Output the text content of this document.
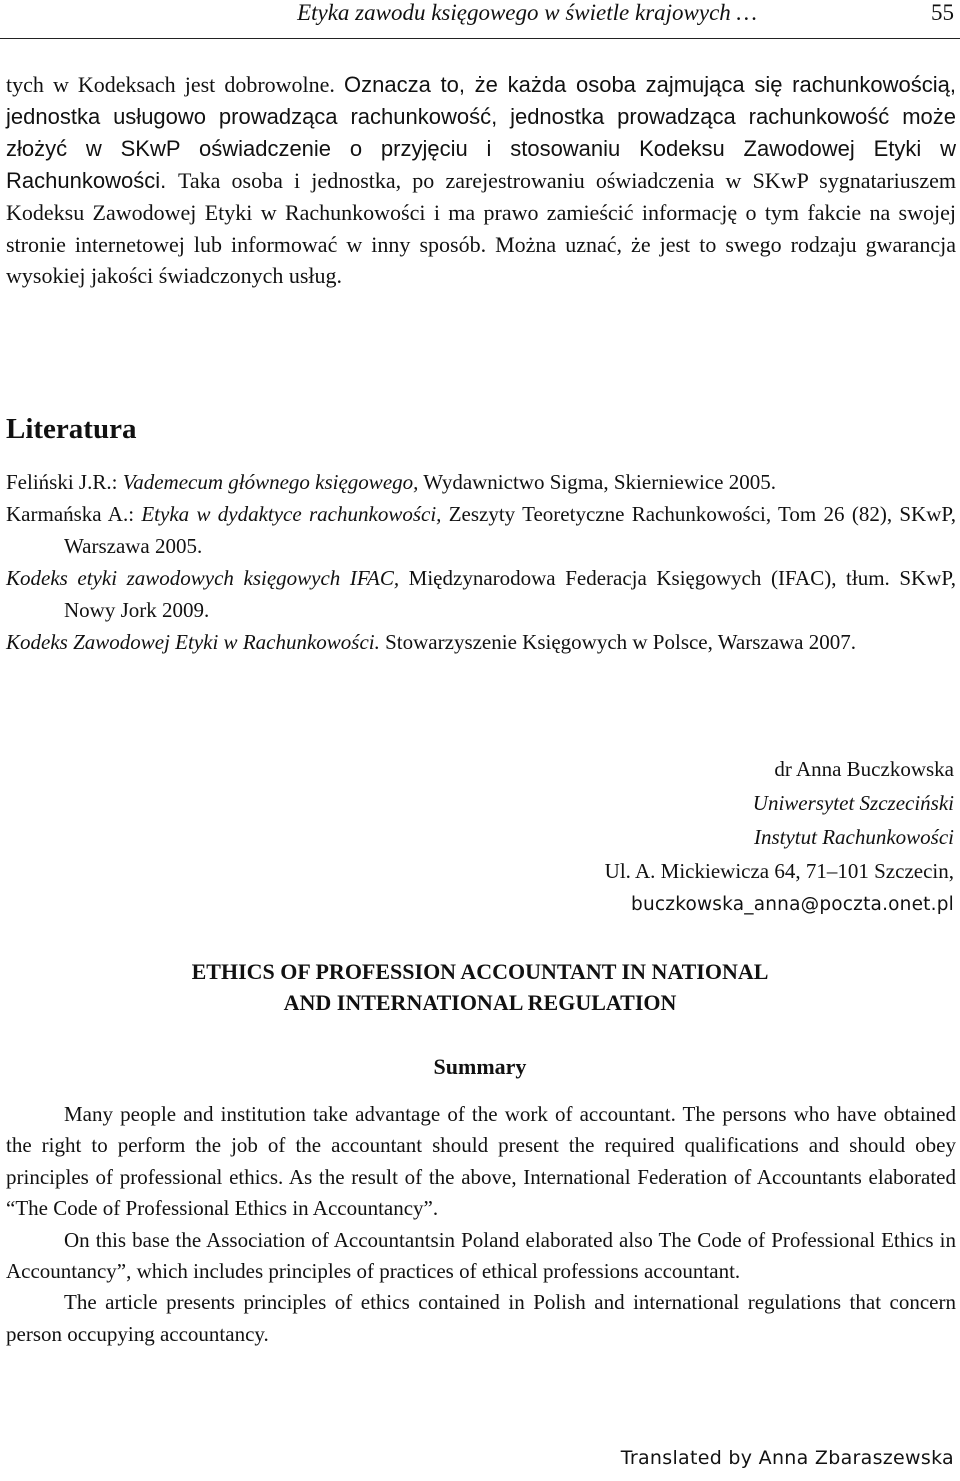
Etyka zawodu księgowego w świetle krajowych …	55
tych w Kodeksach jest dobrowolne. Oznacza to, że każda osoba zajmująca się rachunkowością, jednostka usługowo prowadząca rachunkowość, jednostka prowadząca rachunkowość może złożyć w SKwP oświadczenie o przyjęciu i stosowaniu Kodeksu Zawodowej Etyki w Rachunkowości. Taka osoba i jednostka, po zarejestrowaniu oświadczenia w SKwP sygnatariuszem Kodeksu Zawodowej Etyki w Rachunkowości i ma prawo zamieścić informację o tym fakcie na swojej stronie internetowej lub informować w inny sposób. Można uznać, że jest to swego rodzaju gwarancja wysokiej jakości świadczonych usług.
Literatura

Feliński J.R.: Vademecum głównego księgowego, Wydawnictwo Sigma, Skierniewice 2005.

Karmańska A.: Etyka w dydaktyce rachunkowości, Zeszyty Teoretyczne Rachunkowości, Tom 26 (82), SKwP, Warszawa 2005.

Kodeks etyki zawodowych księgowych IFAC, Międzynarodowa Federacja Księgowych (IFAC), tłum. SKwP, Nowy Jork 2009.

Kodeks Zawodowej Etyki w Rachunkowości. Stowarzyszenie Księgowych w Polsce, Warszawa 2007.

dr Anna Buczkowska
Uniwersytet Szczeciński
Instytut Rachunkowości
Ul. A. Mickiewicza 64, 71–101 Szczecin,
buczkowska_anna@poczta.onet.pl
ETHICS OF PROFESSION ACCOUNTANT IN NATIONAL
AND INTERNATIONAL REGULATION
Summary

Many people and institution take advantage of the work of accountant. The persons who have obtained the right to perform the job of the accountant should present the required qualifications and should obey principles of professional ethics. As the result of the above, International Federation of Accountants elaborated “The Code of Professional Ethics in Accountancy”.

On this base the Association of Accountantsin Poland elaborated also The Code of Professional Ethics in Accountancy”, which includes principles of practices of ethical professions accountant.

The article presents principles of ethics contained in Polish and international regulations that concern person occupying accountancy.

Translated by Anna Zbaraszewska
